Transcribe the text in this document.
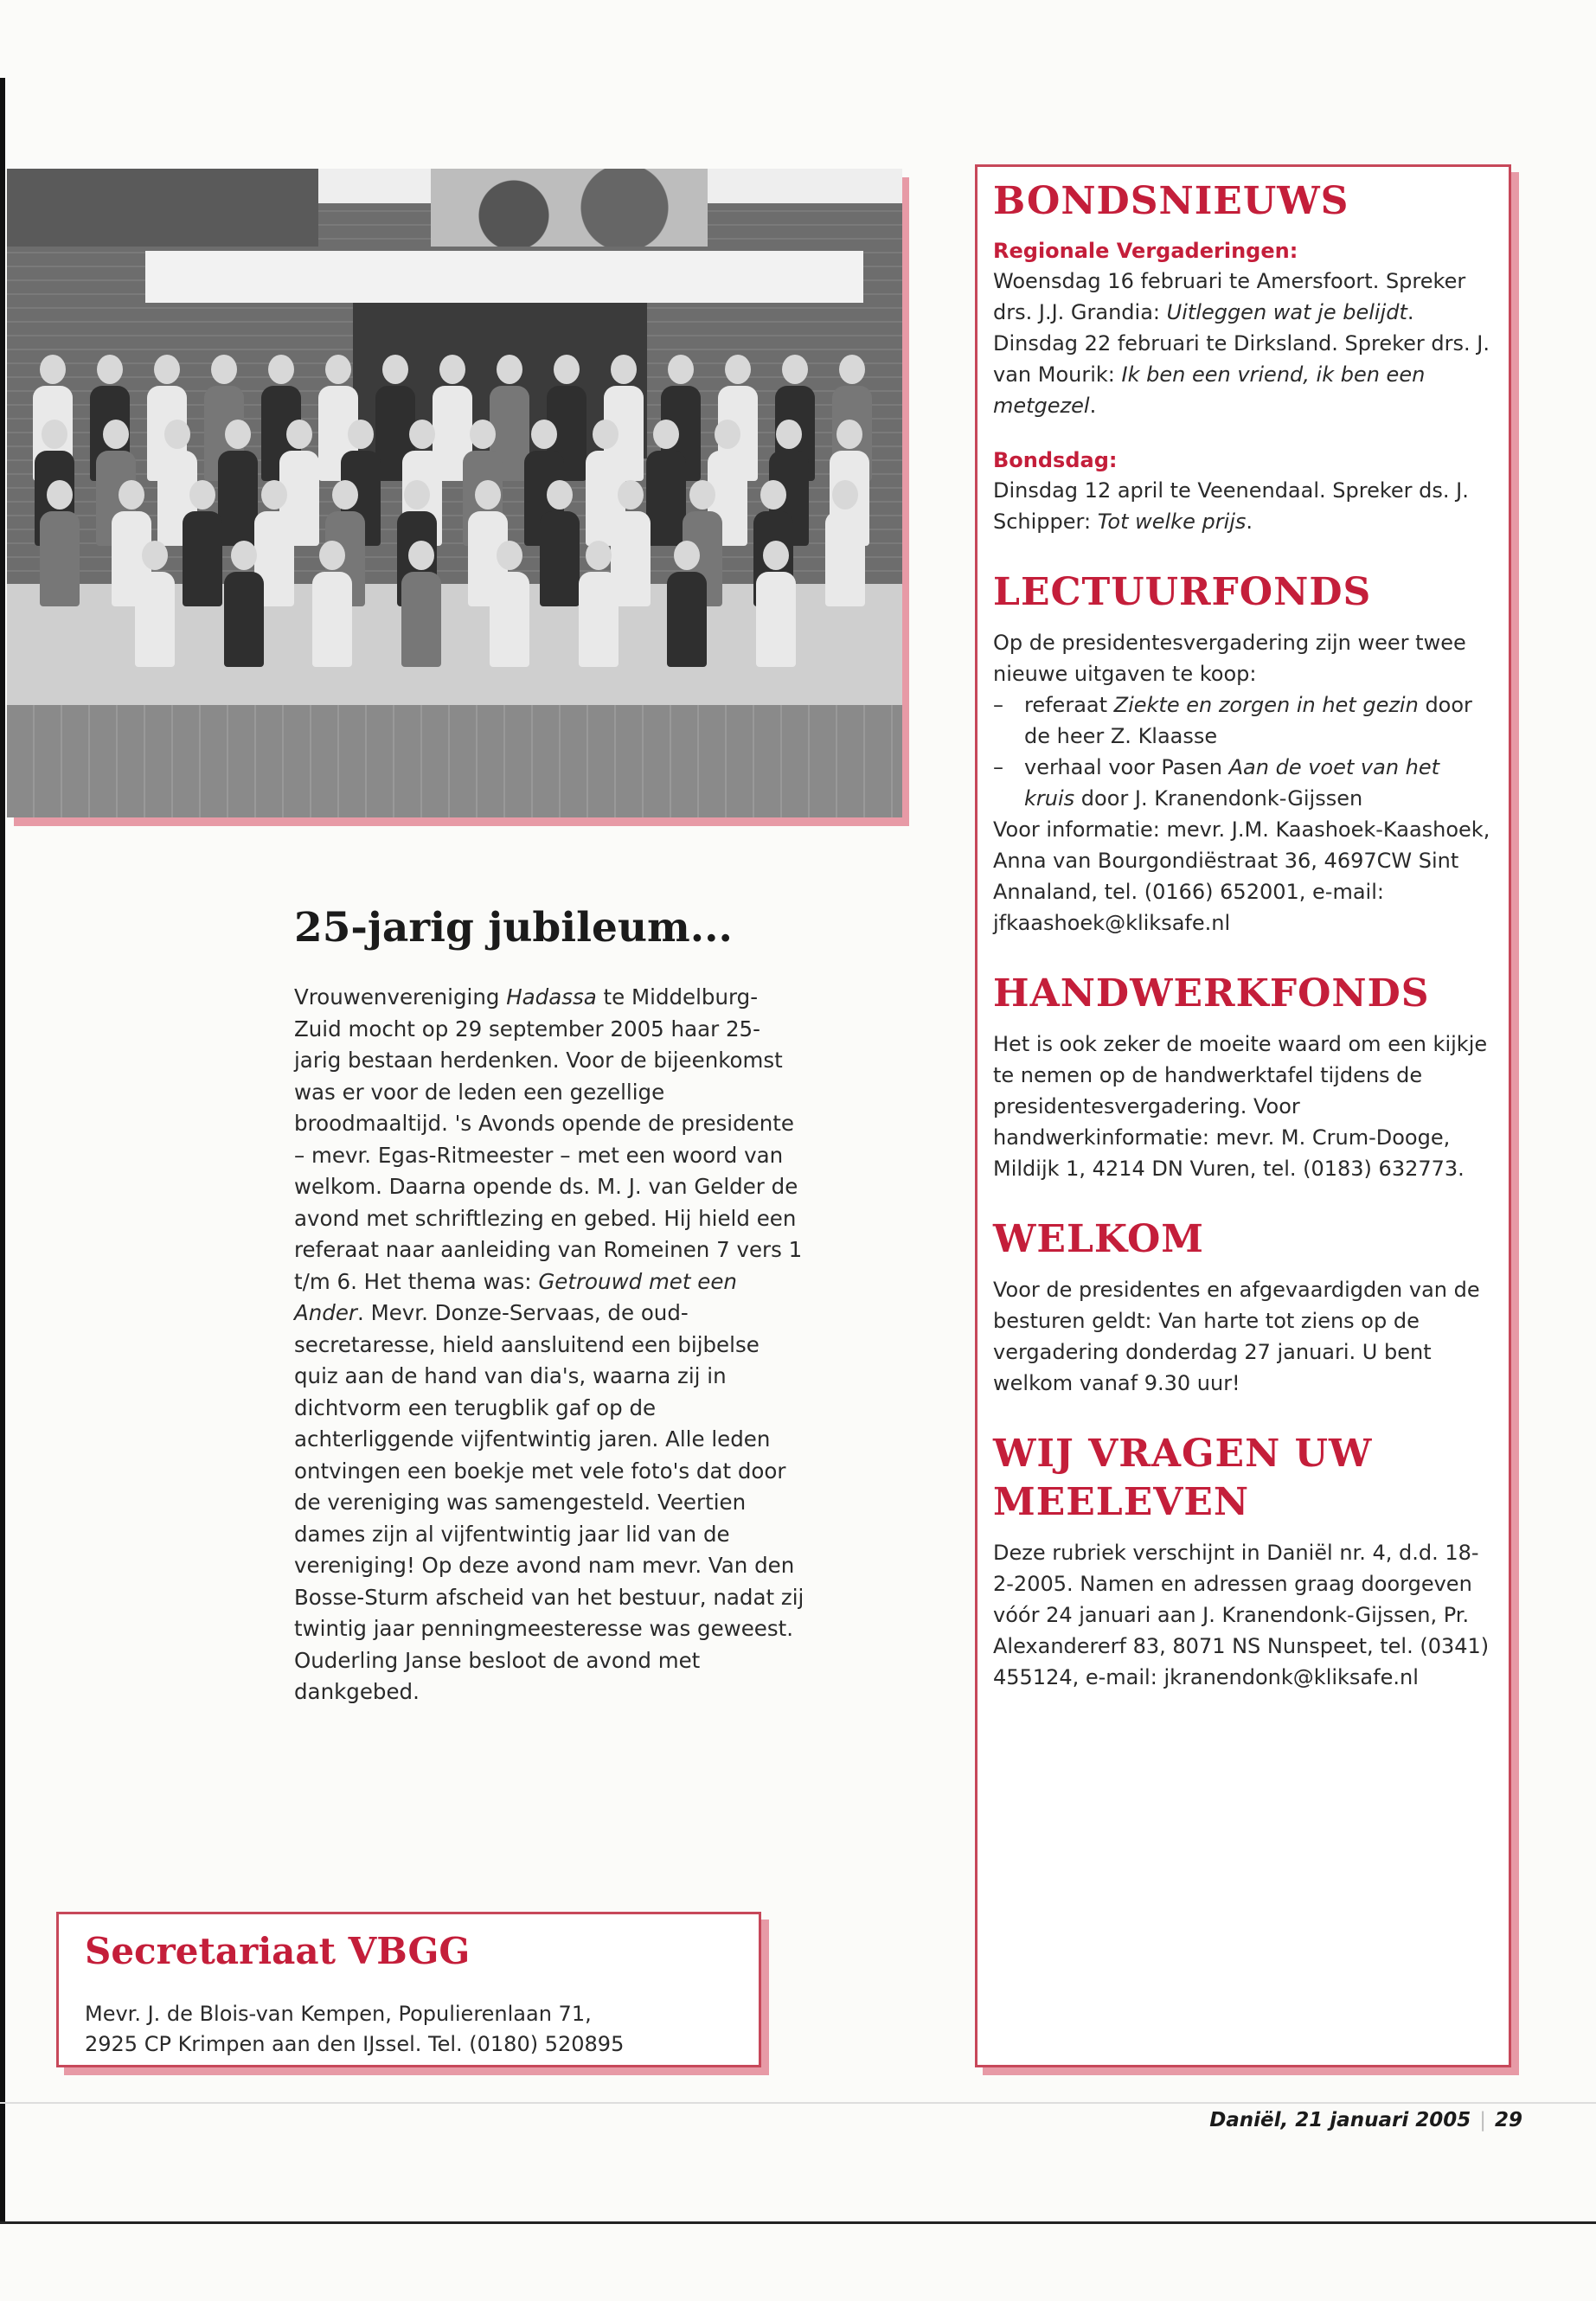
25-jarig jubileum...

Vrouwenvereniging Hadassa te Middelburg-Zuid mocht op 29 september 2005 haar 25-jarig bestaan herdenken. Voor de bijeenkomst was er voor de leden een gezellige broodmaaltijd. 's Avonds opende de presidente – mevr. Egas-Ritmeester – met een woord van welkom. Daarna opende ds. M. J. van Gelder de avond met schriftlezing en gebed. Hij hield een referaat naar aanleiding van Romeinen 7 vers 1 t/m 6. Het thema was: Getrouwd met een Ander. Mevr. Donze-Servaas, de oud-secretaresse, hield aansluitend een bijbelse quiz aan de hand van dia's, waarna zij in dichtvorm een terugblik gaf op de achterliggende vijfentwintig jaren. Alle leden ontvingen een boekje met vele foto's dat door de vereniging was samengesteld. Veertien dames zijn al vijfentwintig jaar lid van de vereniging! Op deze avond nam mevr. Van den Bosse-Sturm afscheid van het bestuur, nadat zij twintig jaar penningmeesteresse was geweest. Ouderling Janse besloot de avond met dankgebed.

Secretariaat VBGG

Mevr. J. de Blois-van Kempen, Populierenlaan 71,
2925 CP Krimpen aan den IJssel. Tel. (0180) 520895

BONDSNIEUWS
Regionale Vergaderingen:

Woensdag 16 februari te Amersfoort. Spreker drs. J.J. Grandia: Uitleggen wat je belijdt.

Dinsdag 22 februari te Dirksland. Spreker drs. J. van Mourik: Ik ben een vriend, ik ben een metgezel.

Bondsdag:

Dinsdag 12 april te Veenendaal. Spreker ds. J. Schipper: Tot welke prijs.

LECTUURFONDS

Op de presidentesvergadering zijn weer twee nieuwe uitgaven te koop:

– referaat Ziekte en zorgen in het gezin door de heer Z. Klaasse
– verhaal voor Pasen Aan de voet van het kruis door J. Kranendonk-Gijssen

Voor informatie: mevr. J.M. Kaashoek-Kaashoek, Anna van Bourgondiëstraat 36, 4697CW Sint Annaland, tel. (0166) 652001, e-mail: jfkaashoek@kliksafe.nl

HANDWERKFONDS

Het is ook zeker de moeite waard om een kijkje te nemen op de handwerktafel tijdens de presidentesvergadering. Voor handwerkinformatie: mevr. M. Crum-Dooge, Mildijk 1, 4214 DN Vuren, tel. (0183) 632773.

WELKOM

Voor de presidentes en afgevaardigden van de besturen geldt: Van harte tot ziens op de vergadering donderdag 27 januari. U bent welkom vanaf 9.30 uur!

WIJ VRAGEN UW MEELEVEN

Deze rubriek verschijnt in Daniël nr. 4, d.d. 18-2-2005. Namen en adressen graag doorgeven vóór 24 januari aan J. Kranendonk-Gijssen, Pr. Alexandererf 83, 8071 NS Nunspeet, tel. (0341) 455124, e-mail: jkranendonk@kliksafe.nl

Daniël, 21 januari 2005 | 29
